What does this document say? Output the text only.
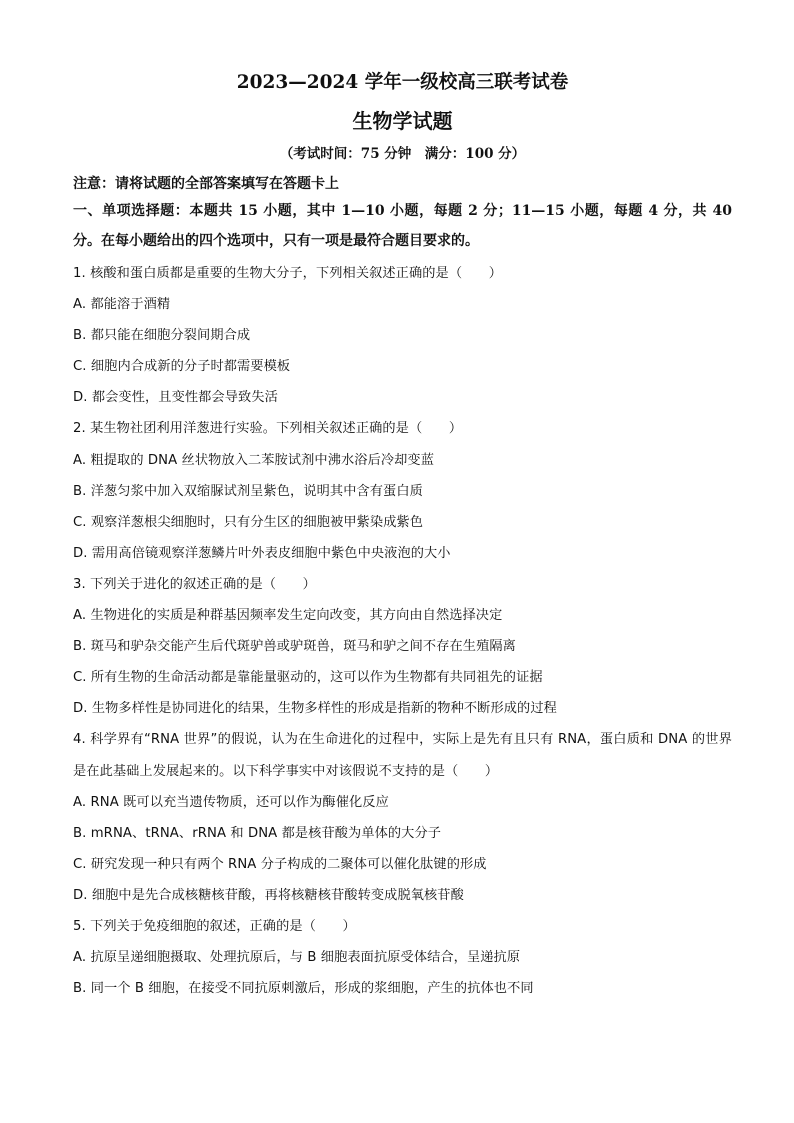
2023—2024 学年一级校高三联考试卷
生物学试题
（考试时间：75 分钟　满分：100 分）
注意：请将试题的全部答案填写在答题卡上
一、单项选择题：本题共 15 小题，其中 1—10 小题，每题 2 分；11—15 小题，每题 4 分，共 40 分。在每小题给出的四个选项中，只有一项是最符合题目要求的。

1. 核酸和蛋白质都是重要的生物大分子，下列相关叙述正确的是（　　）

A. 都能溶于酒精

B. 都只能在细胞分裂间期合成

C. 细胞内合成新的分子时都需要模板

D. 都会变性，且变性都会导致失活

2. 某生物社团利用洋葱进行实验。下列相关叙述正确的是（　　）

A. 粗提取的 DNA 丝状物放入二苯胺试剂中沸水浴后冷却变蓝

B. 洋葱匀浆中加入双缩脲试剂呈紫色，说明其中含有蛋白质

C. 观察洋葱根尖细胞时，只有分生区的细胞被甲紫染成紫色

D. 需用高倍镜观察洋葱鳞片叶外表皮细胞中紫色中央液泡的大小

3. 下列关于进化的叙述正确的是（　　）

A. 生物进化的实质是种群基因频率发生定向改变，其方向由自然选择决定

B. 斑马和驴杂交能产生后代斑驴兽或驴斑兽，斑马和驴之间不存在生殖隔离

C. 所有生物的生命活动都是靠能量驱动的，这可以作为生物都有共同祖先的证据

D. 生物多样性是协同进化的结果，生物多样性的形成是指新的物种不断形成的过程

4. 科学界有“RNA 世界”的假说，认为在生命进化的过程中，实际上是先有且只有 RNA，蛋白质和 DNA 的世界是在此基础上发展起来的。以下科学事实中对该假说不支持的是（　　）

A. RNA 既可以充当遗传物质，还可以作为酶催化反应

B. mRNA、tRNA、rRNA 和 DNA 都是核苷酸为单体的大分子

C. 研究发现一种只有两个 RNA 分子构成的二聚体可以催化肽键的形成

D. 细胞中是先合成核糖核苷酸，再将核糖核苷酸转变成脱氧核苷酸

5. 下列关于免疫细胞的叙述，正确的是（　　）

A. 抗原呈递细胞摄取、处理抗原后，与 B 细胞表面抗原受体结合，呈递抗原

B. 同一个 B 细胞，在接受不同抗原刺激后，形成的浆细胞，产生的抗体也不同
